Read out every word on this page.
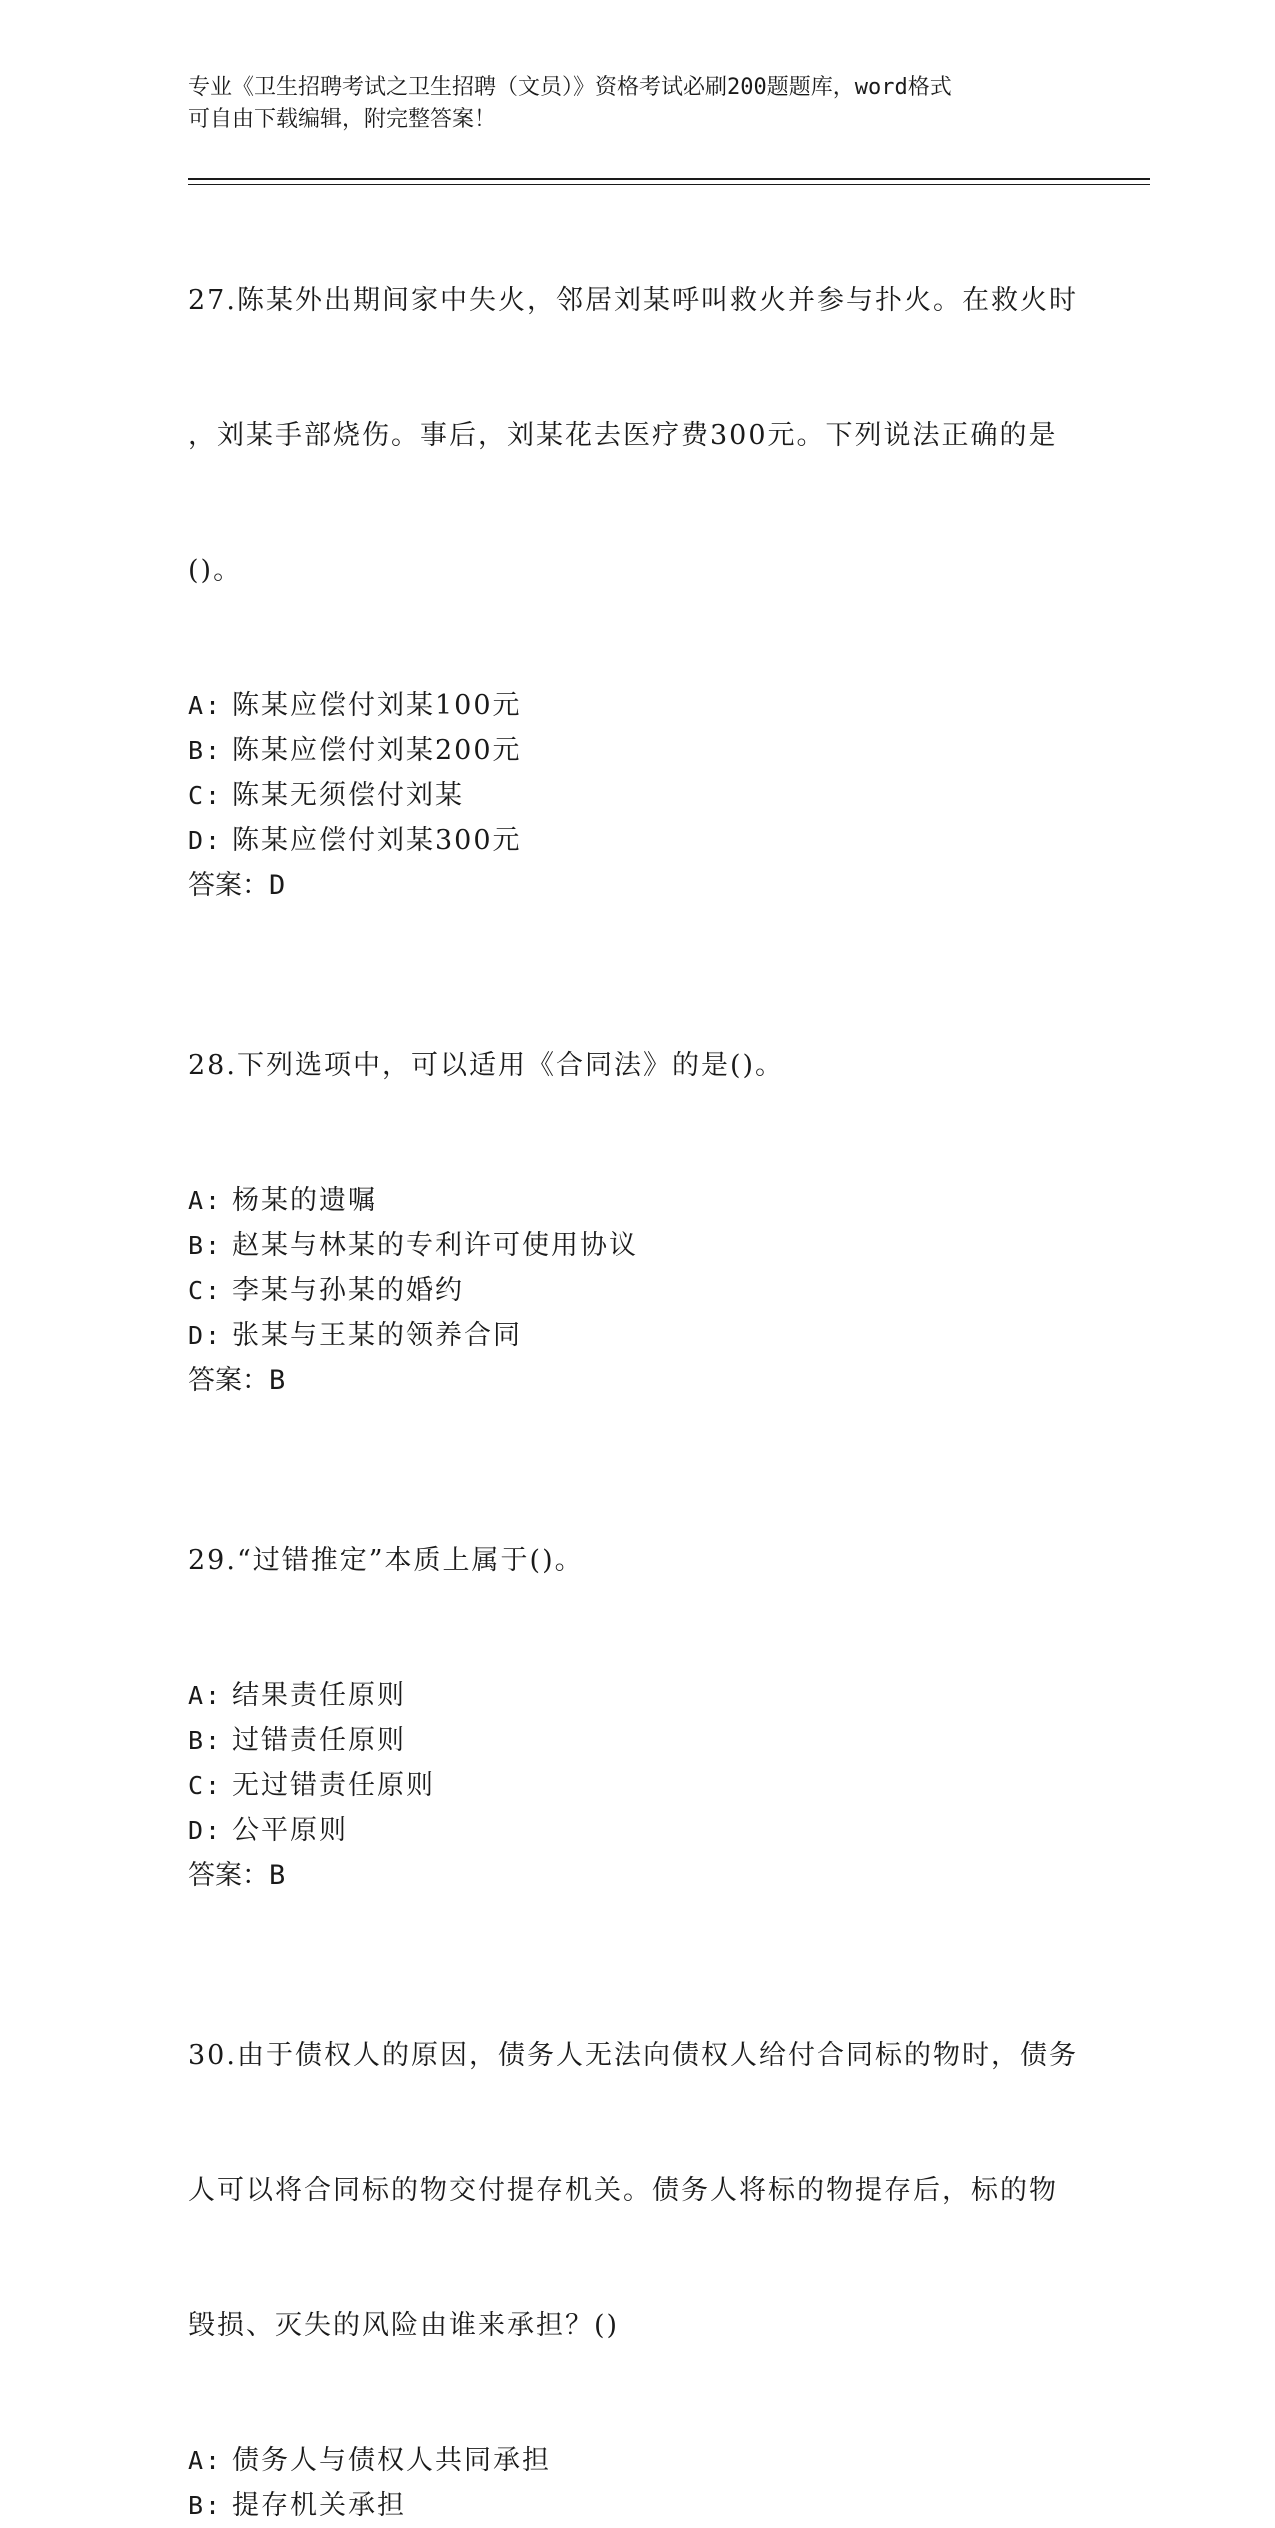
专业《卫生招聘考试之卫生招聘（文员）》资格考试必刷200题题库，word格式
可自由下载编辑，附完整答案！

27.陈某外出期间家中失火，邻居刘某呼叫救火并参与扑火。在救火时

，刘某手部烧伤。事后，刘某花去医疗费300元。下列说法正确的是

()。

A: 陈某应偿付刘某100元
B: 陈某应偿付刘某200元
C: 陈某无须偿付刘某
D: 陈某应偿付刘某300元
答案：D

28.下列选项中，可以适用《合同法》的是()。

A: 杨某的遗嘱
B: 赵某与林某的专利许可使用协议
C: 李某与孙某的婚约
D: 张某与王某的领养合同
答案：B

29.“过错推定”本质上属于()。

A: 结果责任原则
B: 过错责任原则
C: 无过错责任原则
D: 公平原则
答案：B

30.由于债权人的原因，债务人无法向债权人给付合同标的物时，债务

人可以将合同标的物交付提存机关。债务人将标的物提存后，标的物

毁损、灭失的风险由谁来承担？()

A: 债务人与债权人共同承担
B: 提存机关承担
